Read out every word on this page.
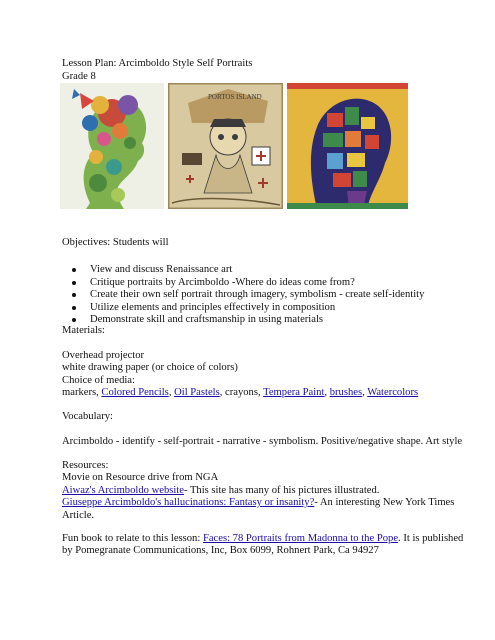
Lesson Plan: Arcimboldo Style Self Portraits
Grade 8
PORTOS ISLAND
Objectives: Students will
View and discuss Renaissance art
Critique portraits by Arcimboldo -Where do ideas come from?
Create their own self portrait through imagery, symbolism - create self-identity
Utilize elements and principles effectively in composition
Demonstrate skill and craftsmanship in using materials
Materials:
Overhead projector
white drawing paper (or choice of colors)
Choice of media:
markers, Colored Pencils, Oil Pastels, crayons, Tempera Paint, brushes, Watercolors
Vocabulary:
Arcimboldo - identify - self-portrait - narrative - symbolism. Positive/negative shape. Art style
Resources:
Movie on Resource drive from NGA
Aiwaz's Arcimboldo website- This site has many of his pictures illustrated.
Giuseppe Arcimboldo's hallucinations: Fantasy or insanity?- An interesting New York Times
Article.
Fun book to relate to this lesson: Faces: 78 Portraits from Madonna to the Pope. It is published
by Pomegranate Communications, Inc, Box 6099, Rohnert Park, Ca 94927
